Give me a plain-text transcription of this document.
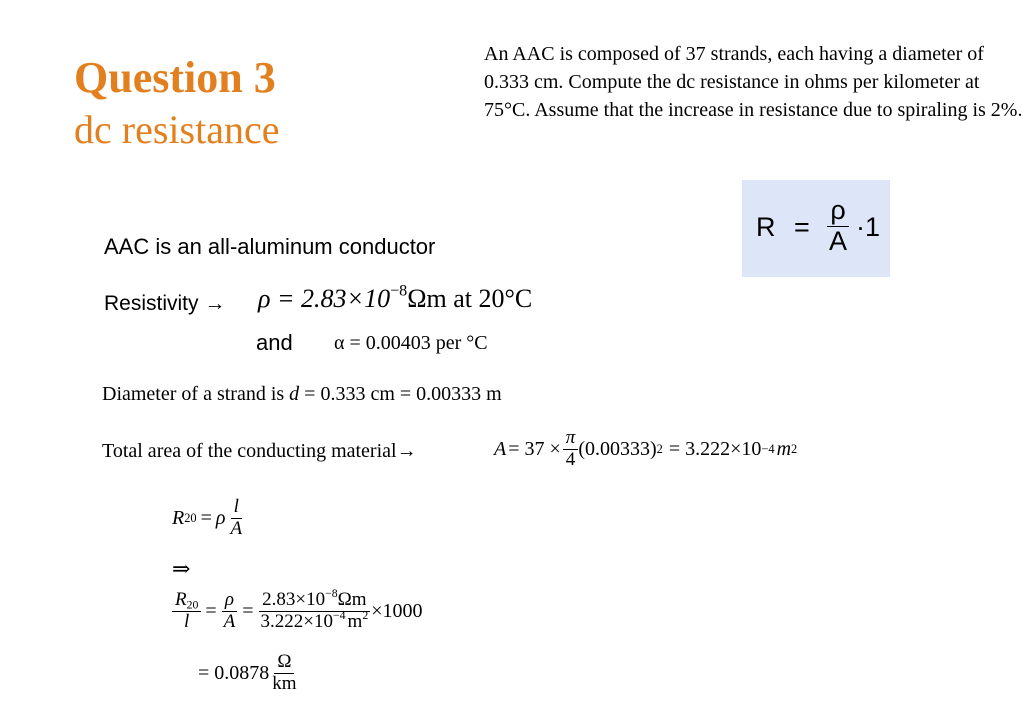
Question 3
dc resistance
An AAC is composed of 37 strands, each having a diameter of 0.333 cm. Compute the dc resistance in ohms per kilometer at 75°C. Assume that the increase in resistance due to spiraling is 2%.
$R = \frac{\rho}{A} \cdot 1$
AAC is an all-aluminum conductor
Resistivity → $\rho = 2.83\times 10^{-8}\Omega m$ at 20°C
and α = 0.00403 per °C
Diameter of a strand is d = 0.333 cm = 0.00333 m
Total area of the conducting material→	$A = 37 \times \frac{\pi}{4} (0.00333) 2 = 3.222\times 10 -4$ m 2
R 20 = ρ $\frac{l}{A}$
⇒
$\frac{R_{20}}{l} = \frac{\rho}{A} = \frac{2.83\times 10^{-8}\Omega m}{3.222\times 10^{-4} m^2} \times 1000$
= $0.0878 \frac{\Omega}{km}$
